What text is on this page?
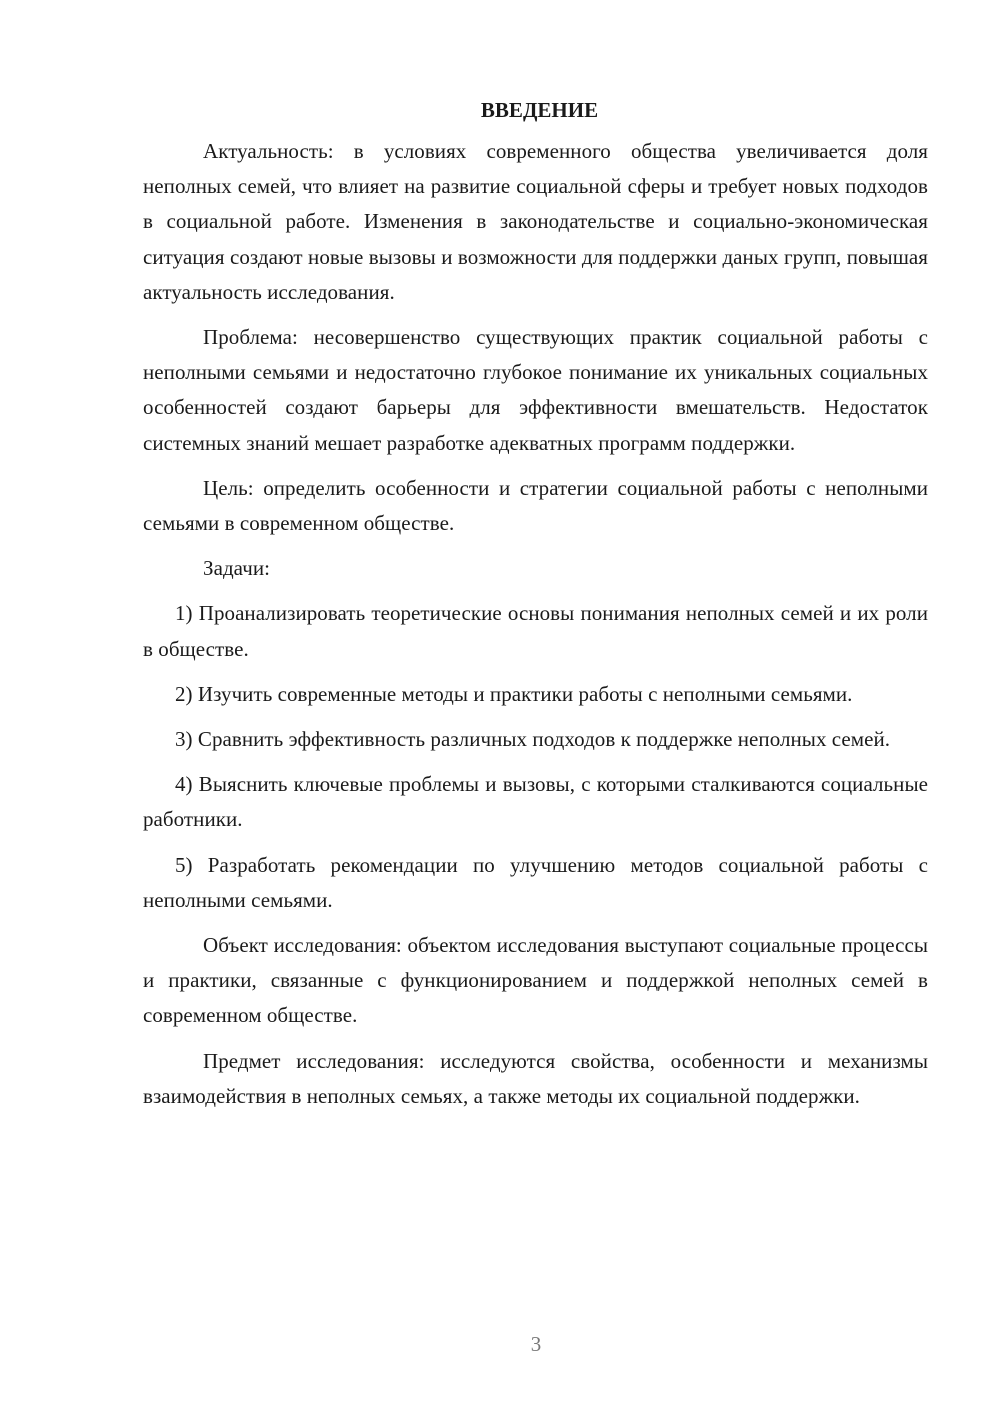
ВВЕДЕНИЕ

Актуальность: в условиях современного общества увеличивается доля неполных семей, что влияет на развитие социальной сферы и требует новых подходов в социальной работе. Изменения в законодательстве и социально-экономическая ситуация создают новые вызовы и возможности для поддержки даных групп, повышая актуальность исследования.

Проблема: несовершенство существующих практик социальной работы с неполными семьями и недостаточно глубокое понимание их уникальных социальных особенностей создают барьеры для эффективности вмешательств. Недостаток системных знаний мешает разработке адекватных программ поддержки.

Цель: определить особенности и стратегии социальной работы с неполными семьями в современном обществе.

Задачи:

1) Проанализировать теоретические основы понимания неполных семей и их роли в обществе.

2) Изучить современные методы и практики работы с неполными семьями.

3) Сравнить эффективность различных подходов к поддержке неполных семей.

4) Выяснить ключевые проблемы и вызовы, с которыми сталкиваются социальные работники.

5) Разработать рекомендации по улучшению методов социальной работы с неполными семьями.

Объект исследования: объектом исследования выступают социальные процессы и практики, связанные с функционированием и поддержкой неполных семей в современном обществе.

Предмет исследования: исследуются свойства, особенности и механизмы взаимодействия в неполных семьях, а также методы их социальной поддержки.

3
